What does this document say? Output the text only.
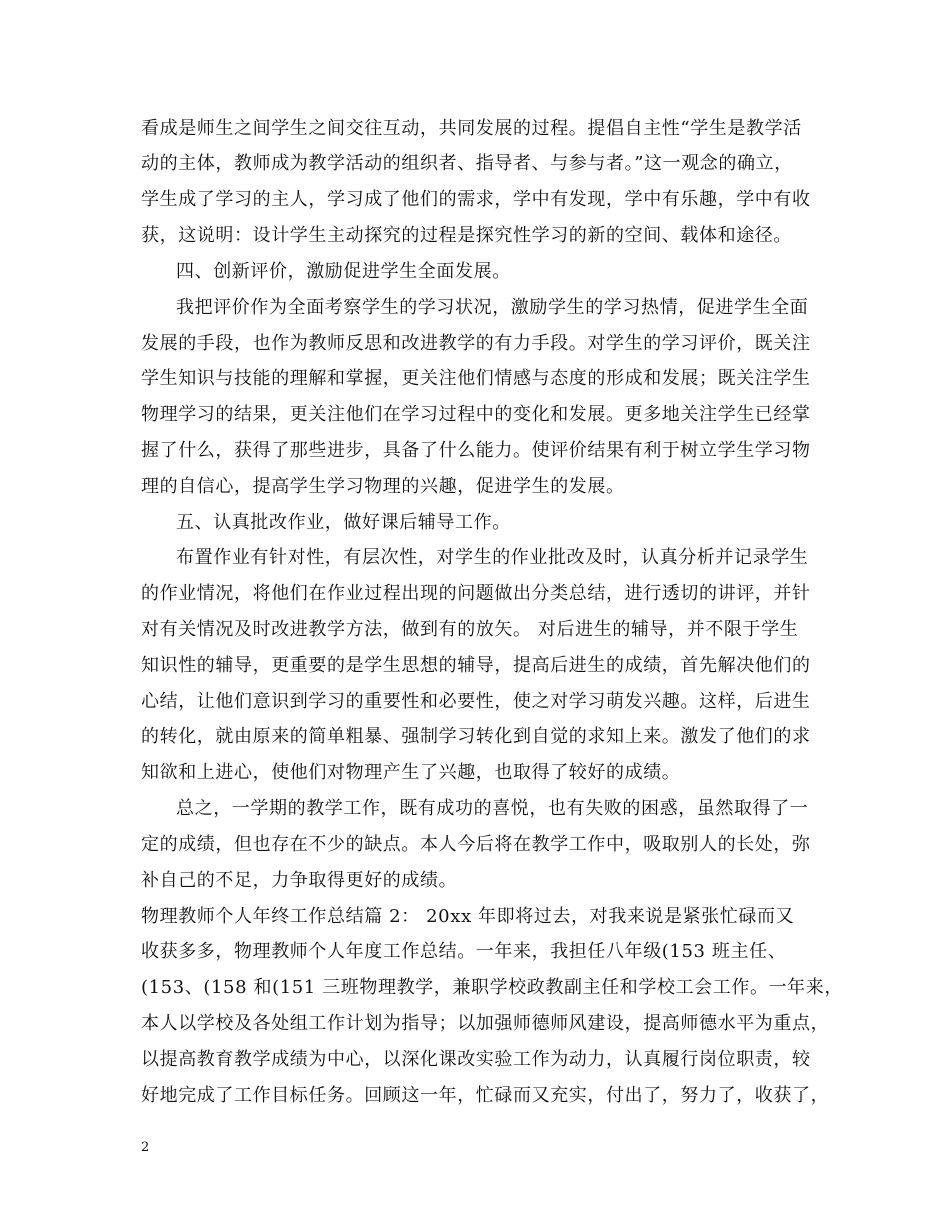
看成是师生之间学生之间交往互动，共同发展的过程。提倡自主性“学生是教学活
动的主体，教师成为教学活动的组织者、指导者、与参与者。”这一观念的确立，
学生成了学习的主人，学习成了他们的需求，学中有发现，学中有乐趣，学中有收
获，这说明：设计学生主动探究的过程是探究性学习的新的空间、载体和途径。
四、创新评价，激励促进学生全面发展。
我把评价作为全面考察学生的学习状况，激励学生的学习热情，促进学生全面
发展的手段，也作为教师反思和改进教学的有力手段。对学生的学习评价，既关注
学生知识与技能的理解和掌握，更关注他们情感与态度的形成和发展；既关注学生
物理学习的结果，更关注他们在学习过程中的变化和发展。更多地关注学生已经掌
握了什么，获得了那些进步，具备了什么能力。使评价结果有利于树立学生学习物
理的自信心，提高学生学习物理的兴趣，促进学生的发展。
五、认真批改作业，做好课后辅导工作。
布置作业有针对性，有层次性，对学生的作业批改及时，认真分析并记录学生
的作业情况，将他们在作业过程出现的问题做出分类总结，进行透切的讲评，并针
对有关情况及时改进教学方法，做到有的放矢。 对后进生的辅导，并不限于学生
知识性的辅导，更重要的是学生思想的辅导，提高后进生的成绩，首先解决他们的
心结，让他们意识到学习的重要性和必要性，使之对学习萌发兴趣。这样，后进生
的转化，就由原来的简单粗暴、强制学习转化到自觉的求知上来。激发了他们的求
知欲和上进心，使他们对物理产生了兴趣，也取得了较好的成绩。
总之，一学期的教学工作，既有成功的喜悦，也有失败的困惑，虽然取得了一
定的成绩，但也存在不少的缺点。本人今后将在教学工作中，吸取别人的长处，弥
补自己的不足，力争取得更好的成绩。
物理教师个人年终工作总结篇 2： 20xx 年即将过去，对我来说是紧张忙碌而又
收获多多，物理教师个人年度工作总结。一年来，我担任八年级(153 班主任、
(153、(158 和(151 三班物理教学，兼职学校政教副主任和学校工会工作。一年来，
本人以学校及各处组工作计划为指导；以加强师德师风建设，提高师德水平为重点，
以提高教育教学成绩为中心，以深化课改实验工作为动力，认真履行岗位职责，较
好地完成了工作目标任务。回顾这一年，忙碌而又充实，付出了，努力了，收获了，
2
